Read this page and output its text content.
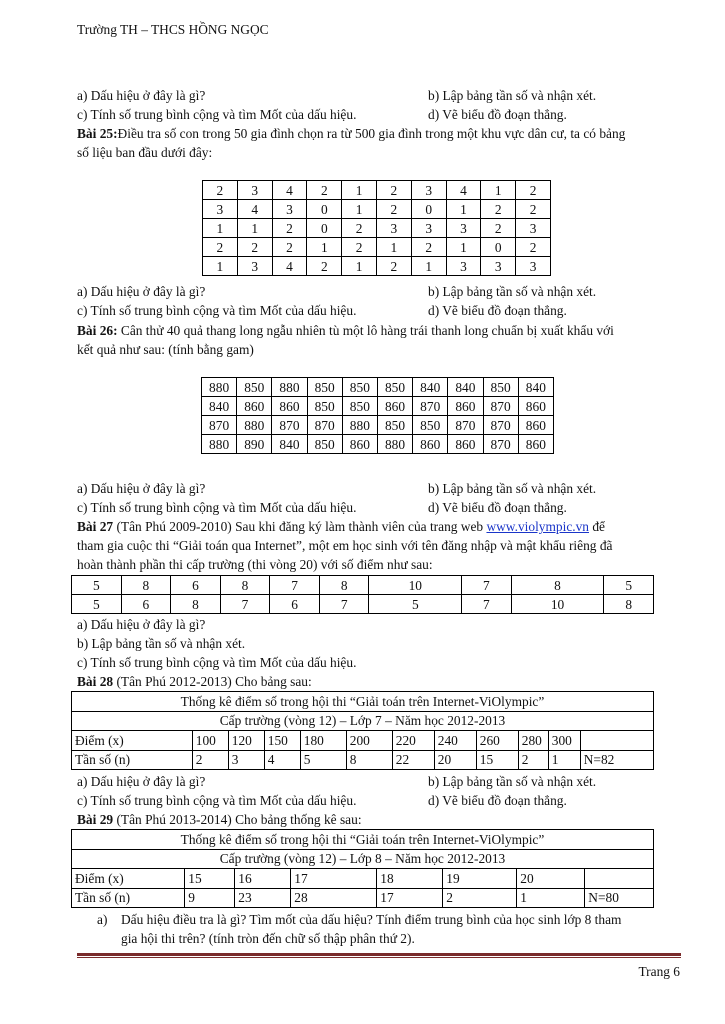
Trường TH – THCS HỒNG NGỌC
a) Dấu hiệu ở đây là gì?	b) Lập bảng tần số và nhận xét.
c) Tính số trung bình cộng và tìm Mốt của dấu hiệu.	d) Vẽ biểu đồ đoạn thẳng.
Bài 25:Điều tra số con trong 50 gia đình chọn ra từ 500 gia đình trong một khu vực dân cư, ta có bảng
số liệu ban đầu dưới đây:
2	3	4	2	1	2	3	4	1	2
3	4	3	0	1	2	0	1	2	2
1	1	2	0	2	3	3	3	2	3
2	2	2	1	2	1	2	1	0	2
1	3	4	2	1	2	1	3	3	3
a) Dấu hiệu ở đây là gì?	b) Lập bảng tần số và nhận xét.
c) Tính số trung bình cộng và tìm Mốt của dấu hiệu.	d) Vẽ biểu đồ đoạn thẳng.
Bài 26: Cân thử 40 quả thang long ngẫu nhiên tù một lô hàng trái thanh long chuẩn bị xuất khẩu với
kết quả như sau: (tính bằng gam)
880	850	880	850	850	850	840	840	850	840
840	860	860	850	850	860	870	860	870	860
870	880	870	870	880	850	850	870	870	860
880	890	840	850	860	880	860	860	870	860
a) Dấu hiệu ở đây là gì?	b) Lập bảng tần số và nhận xét.
c) Tính số trung bình cộng và tìm Mốt của dấu hiệu.	d) Vẽ biểu đồ đoạn thẳng.
Bài 27 (Tân Phú 2009-2010) Sau khi đăng ký làm thành viên của trang web www.violympic.vn để
tham gia cuộc thi “Giải toán qua Internet”, một em học sinh với tên đăng nhập và mật khẩu riêng đã
hoàn thành phần thi cấp trường (thi vòng 20) với số điểm như sau:
5	8	6	8	7	8	10	7	8	5
5	6	8	7	6	7	5	7	10	8
a) Dấu hiệu ở đây là gì?
b) Lập bảng tần số và nhận xét.
c) Tính số trung bình cộng và tìm Mốt của dấu hiệu.
Bài 28 (Tân Phú 2012-2013) Cho bảng sau:
Thống kê điểm số trong hội thi “Giải toán trên Internet-ViOlympic”											
Cấp trường (vòng 12) – Lớp 7 – Năm học 2012-2013											
Điểm (x)	100	120	150	180	200	220	240	260	280	300	
Tần số (n)	2	3	4	5	8	22	20	15	2	1	N=82
a) Dấu hiệu ở đây là gì?	b) Lập bảng tần số và nhận xét.
c) Tính số trung bình cộng và tìm Mốt của dấu hiệu.	d) Vẽ biểu đồ đoạn thẳng.
Bài 29 (Tân Phú 2013-2014) Cho bảng thống kê sau:
Thống kê điểm số trong hội thi “Giải toán trên Internet-ViOlympic”							
Cấp trường (vòng 12) – Lớp 8 – Năm học 2012-2013							
Điểm (x)	15	16	17	18	19	20	
Tần số (n)	9	23	28	17	2	1	N=80
a) Dấu hiệu điều tra là gì? Tìm mốt của dấu hiệu? Tính điểm trung bình của học sinh lớp 8 tham
gia hội thi trên? (tính tròn đến chữ số thập phân thứ 2).
Trang 6
